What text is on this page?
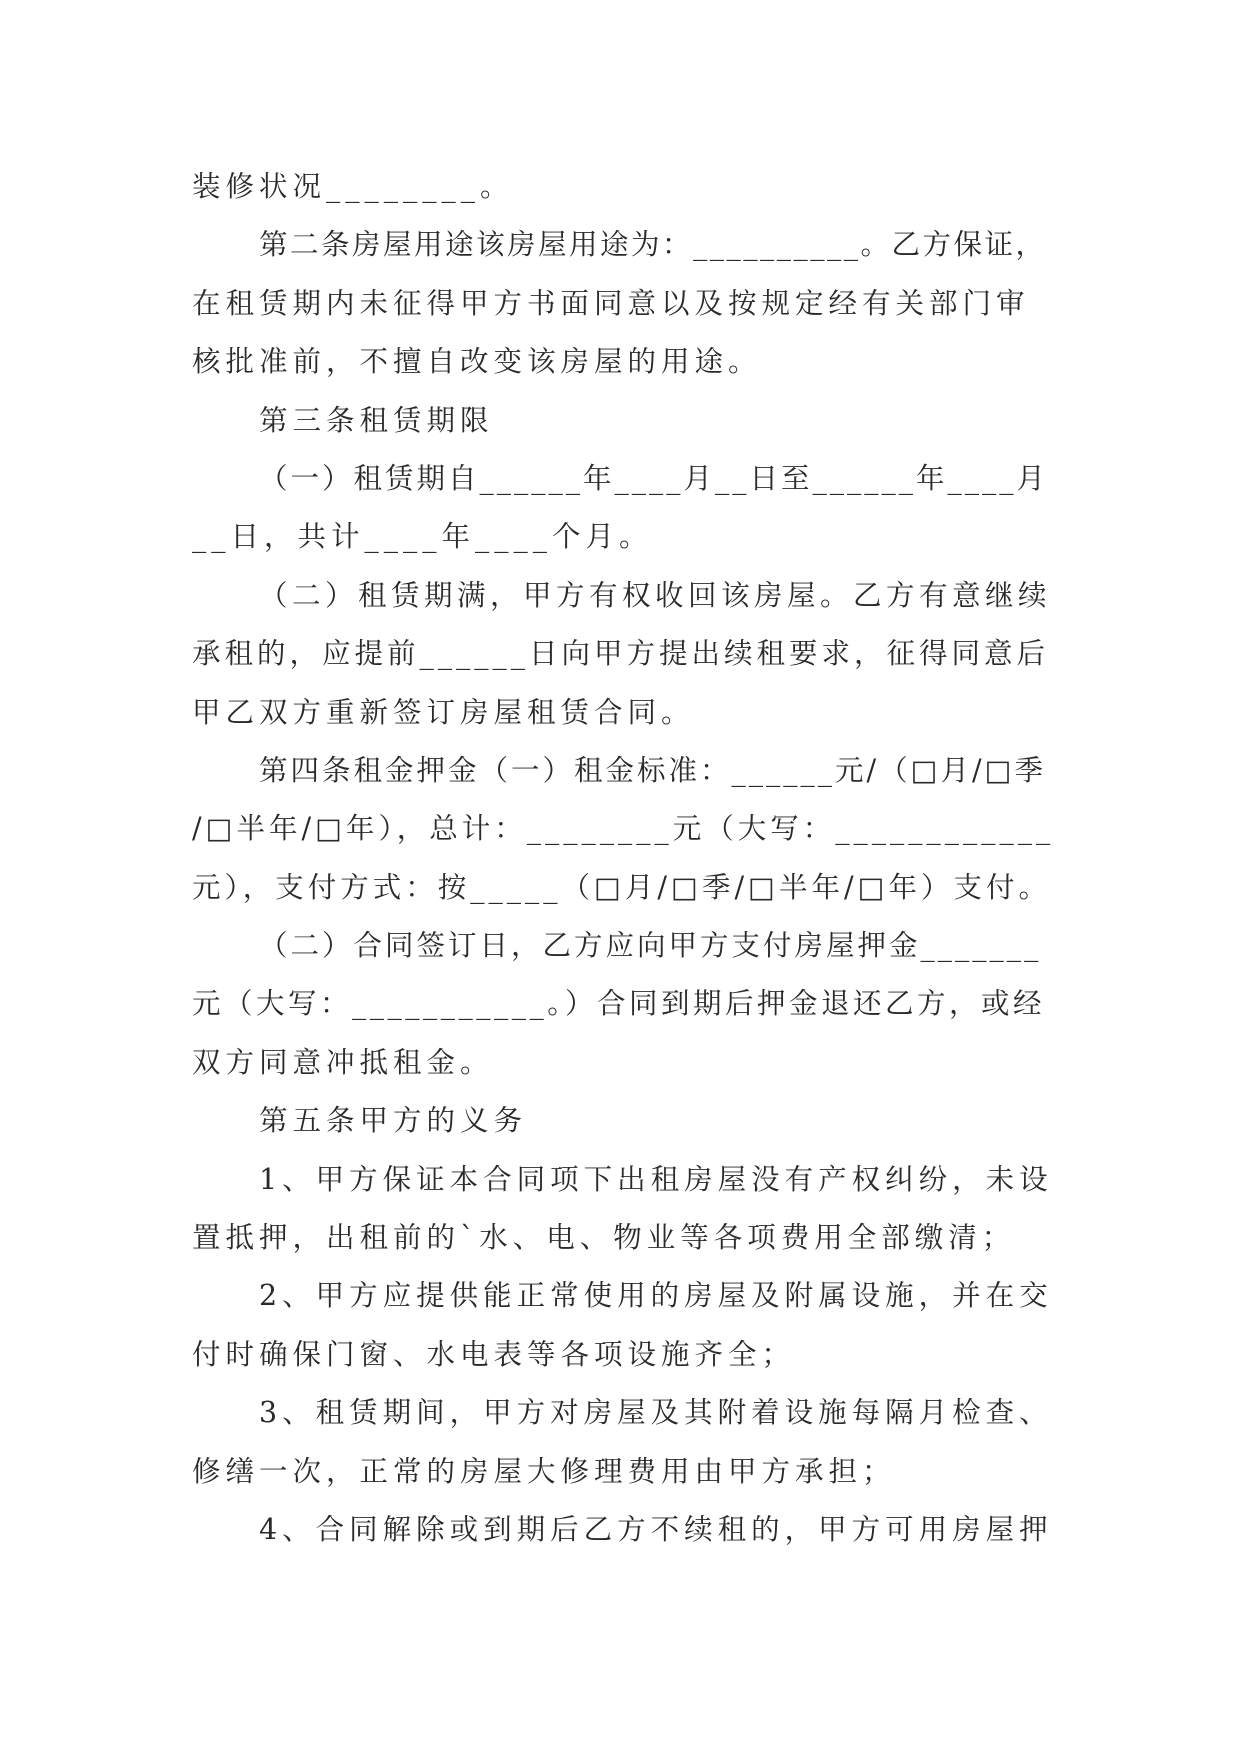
装修状况________。
第二条房屋用途该房屋用途为：__________。乙方保证，
在租赁期内未征得甲方书面同意以及按规定经有关部门审
核批准前，不擅自改变该房屋的用途。
第三条租赁期限
（一）租赁期自______年____月__日至______年____月
__日，共计____年____个月。
（二）租赁期满，甲方有权收回该房屋。乙方有意继续
承租的，应提前______日向甲方提出续租要求，征得同意后
甲乙双方重新签订房屋租赁合同。
第四条租金押金（一）租金标准：______元/（□月/□季
/□半年/□年），总计：________元（大写：____________
元），支付方式：按_____（□月/□季/□半年/□年）支付。
（二）合同签订日，乙方应向甲方支付房屋押金_______
元（大写：___________。）合同到期后押金退还乙方，或经
双方同意冲抵租金。
第五条甲方的义务
1、甲方保证本合同项下出租房屋没有产权纠纷，未设
置抵押，出租前的`水、电、物业等各项费用全部缴清；
2、甲方应提供能正常使用的房屋及附属设施，并在交
付时确保门窗、水电表等各项设施齐全；
3、租赁期间，甲方对房屋及其附着设施每隔月检查、
修缮一次，正常的房屋大修理费用由甲方承担；
4、合同解除或到期后乙方不续租的，甲方可用房屋押
